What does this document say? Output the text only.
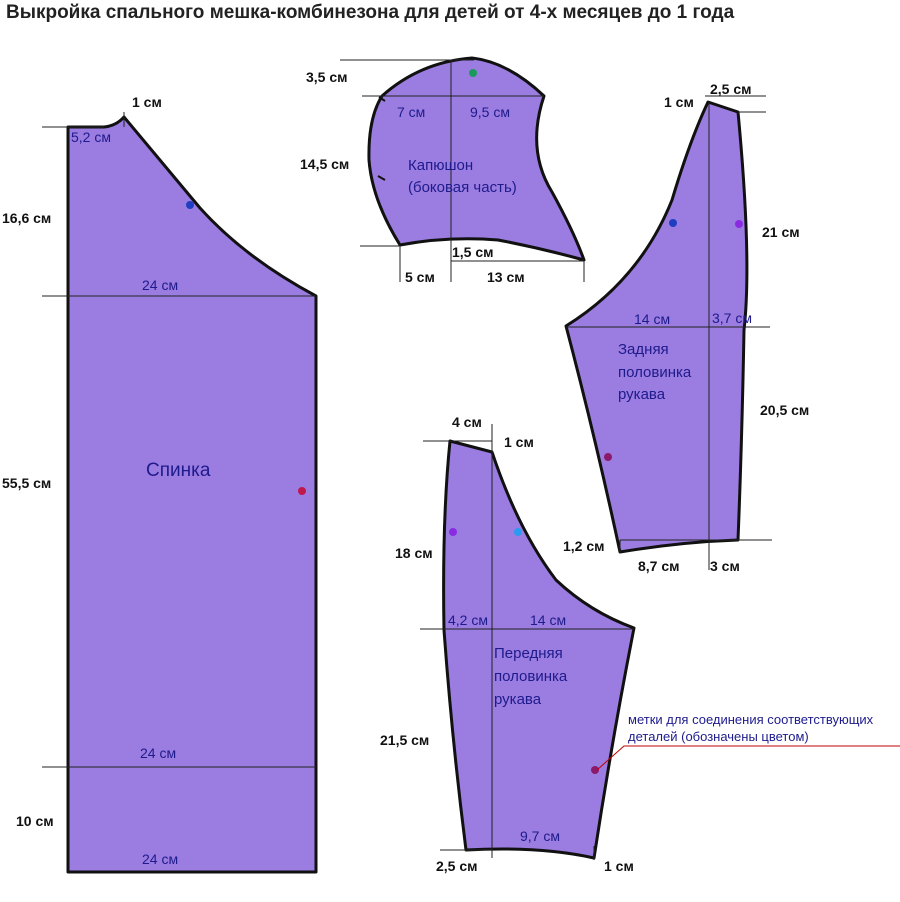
Выкройка спального мешка-комбинезона для детей от 4-х месяцев до 1 года
1 см
5,2 см
16,6 см
24 см
55,5 см
Спинка
24 см
10 см
24 см
3,5 см
7 см	9,5 см
14,5 см	Капюшон
(боковая часть)
1,5 см
5 см	13 см
1 см
2,5 см
21 см
14 см	3,7 см
Задняя
половинка
рукава
20,5 см
1,2 см
8,7 см 3 см
4 см
1 см
18 см
4,2 см	14 см
Передняя
половинка
рукава
21,5 см
9,7 см
2,5 см	1 см
метки для соединения соответствующих
деталей (обозначены цветом)
